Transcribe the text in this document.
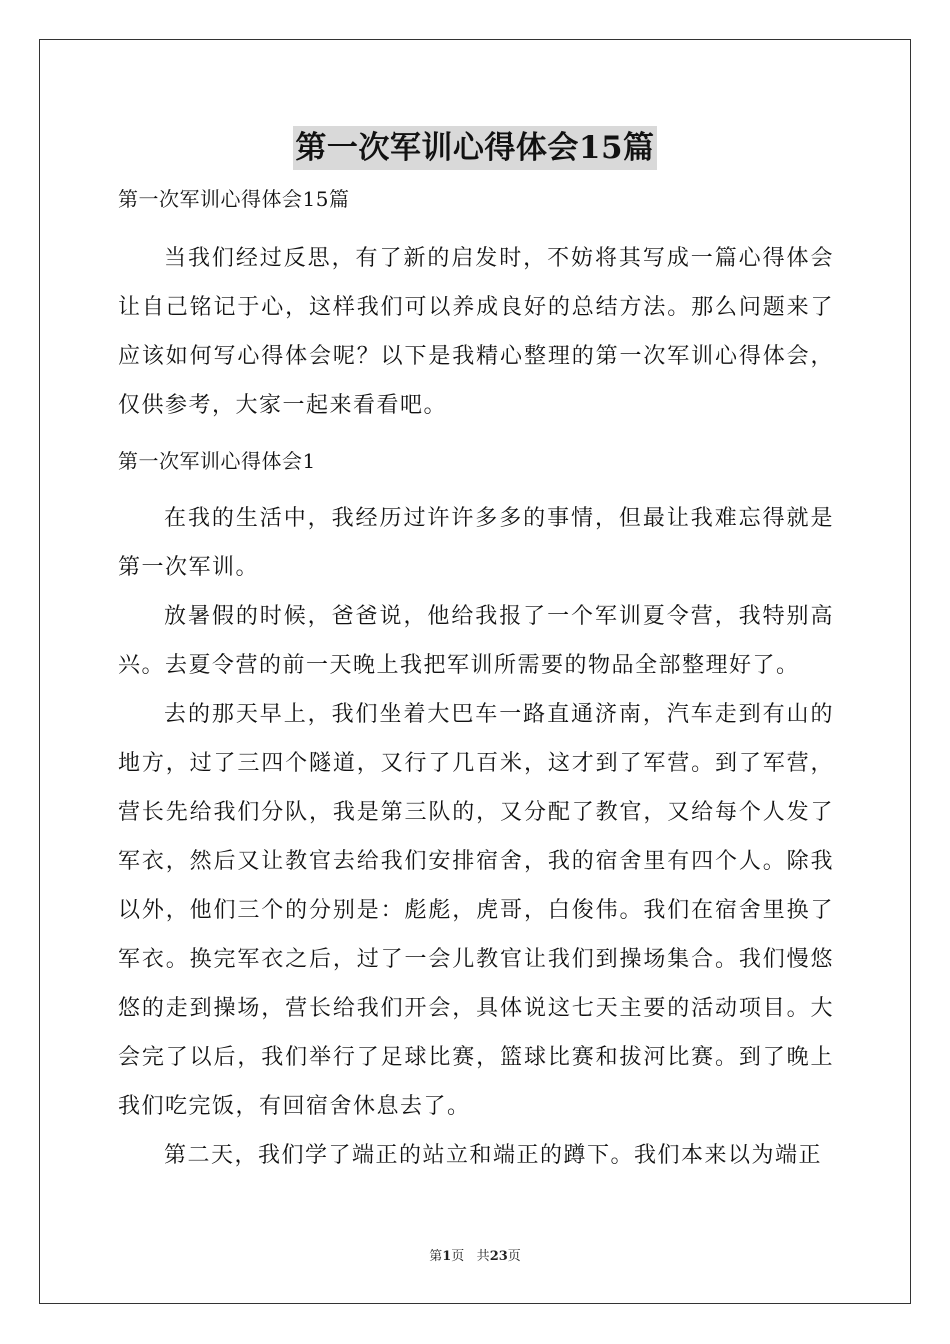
第一次军训心得体会15篇

第一次军训心得体会15篇

当我们经过反思，有了新的启发时，不妨将其写成一篇心得体会让自己铭记于心，这样我们可以养成良好的总结方法。那么问题来了应该如何写心得体会呢？以下是我精心整理的第一次军训心得体会，仅供参考，大家一起来看看吧。

第一次军训心得体会1

在我的生活中，我经历过许许多多的事情，但最让我难忘得就是第一次军训。

放暑假的时候，爸爸说，他给我报了一个军训夏令营，我特别高兴。去夏令营的前一天晚上我把军训所需要的物品全部整理好了。

去的那天早上，我们坐着大巴车一路直通济南，汽车走到有山的地方，过了三四个隧道，又行了几百米，这才到了军营。到了军营，营长先给我们分队，我是第三队的，又分配了教官，又给每个人发了军衣，然后又让教官去给我们安排宿舍，我的宿舍里有四个人。除我以外，他们三个的分别是：彪彪，虎哥，白俊伟。我们在宿舍里换了军衣。换完军衣之后，过了一会儿教官让我们到操场集合。我们慢悠悠的走到操场，营长给我们开会，具体说这七天主要的活动项目。大会完了以后，我们举行了足球比赛，篮球比赛和拔河比赛。到了晚上我们吃完饭，有回宿舍休息去了。

第二天，我们学了端正的站立和端正的蹲下。我们本来以为端正

第1页 共23页
